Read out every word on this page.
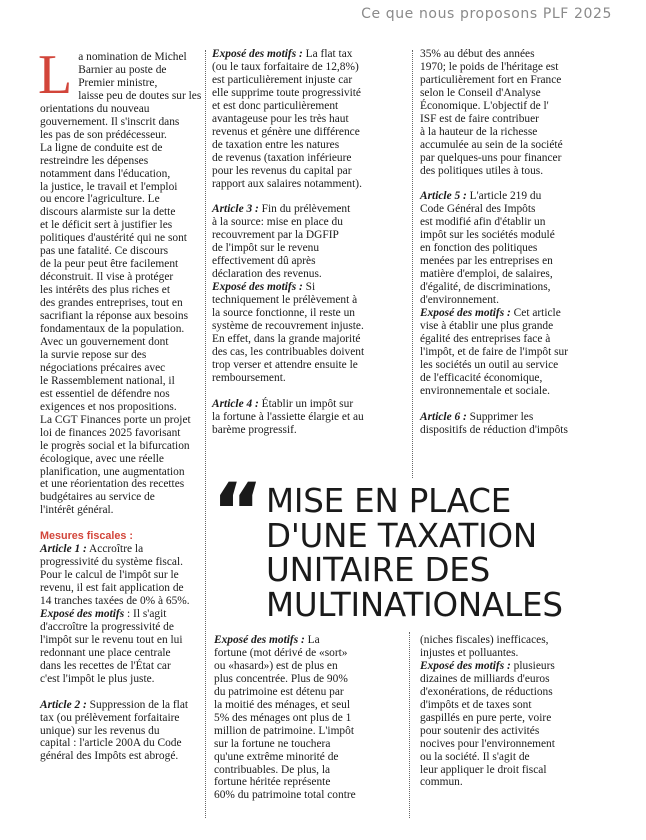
Ce que nous proposons PLF 2025
L a nomination de Michel
Barnier au poste de
Premier ministre,
laisse peu de doutes sur les
orientations du nouveau
gouvernement. Il s'inscrit dans
les pas de son prédécesseur.
La ligne de conduite est de
restreindre les dépenses
notamment dans l'éducation,
la justice, le travail et l'emploi
ou encore l'agriculture. Le
discours alarmiste sur la dette
et le déficit sert à justifier les
politiques d'austérité qui ne sont
pas une fatalité. Ce discours
de la peur peut être facilement
déconstruit. Il vise à protéger
les intérêts des plus riches et
des grandes entreprises, tout en
sacrifiant la réponse aux besoins
fondamentaux de la population.
Avec un gouvernement dont
la survie repose sur des
négociations précaires avec
le Rassemblement national, il
est essentiel de défendre nos
exigences et nos propositions.
La CGT Finances porte un projet
loi de finances 2025 favorisant
le progrès social et la bifurcation
écologique, avec une réelle
planification, une augmentation
et une réorientation des recettes
budgétaires au service de
l'intérêt général.

Mesures fiscales :

Article 1 : Accroître la

progressivité du système fiscal.
Pour le calcul de l'impôt sur le
revenu, il est fait application de
14 tranches taxées de 0% à 65%.

Exposé des motifs : Il s'agit

d'accroître la progressivité de
l'impôt sur le revenu tout en lui
redonnant une place centrale
dans les recettes de l'État car
c'est l'impôt le plus juste.

Article 2 : Suppression de la flat

tax (ou prélèvement forfaitaire
unique) sur les revenus du
capital : l'article 200A du Code
général des Impôts est abrogé.

Exposé des motifs : La flat tax

(ou le taux forfaitaire de 12,8%)
est particulièrement injuste car
elle supprime toute progressivité
et est donc particulièrement
avantageuse pour les très haut
revenus et génère une différence
de taxation entre les natures
de revenus (taxation inférieure
pour les revenus du capital par
rapport aux salaires notamment).

Article 3 : Fin du prélèvement

à la source: mise en place du
recouvrement par la DGFIP
de l'impôt sur le revenu
effectivement dû après
déclaration des revenus.

Exposé des motifs : Si

techniquement le prélèvement à
la source fonctionne, il reste un
système de recouvrement injuste.
En effet, dans la grande majorité
des cas, les contribuables doivent
trop verser et attendre ensuite le
remboursement.

Article 4 : Établir un impôt sur

la fortune à l'assiette élargie et au
barème progressif.
35% au début des années
1970; le poids de l'héritage est
particulièrement fort en France
selon le Conseil d'Analyse
Économique. L'objectif de l'
ISF est de faire contribuer
à la hauteur de la richesse
accumulée au sein de la société
par quelques-uns pour financer
des politiques utiles à tous.

Article 5 : L'article 219 du

Code Général des Impôts
est modifié afin d'établir un
impôt sur les sociétés modulé
en fonction des politiques
menées par les entreprises en
matière d'emploi, de salaires,
d'égalité, de discriminations,
d'environnement.

Exposé des motifs : Cet article

vise à établir une plus grande
égalité des entreprises face à
l'impôt, et de faire de l'impôt sur
les sociétés un outil au service
de l'efficacité économique,
environnementale et sociale.

Article 6 : Supprimer les

dispositifs de réduction d'impôts
“ MISE EN PLACE
D'UNE TAXATION
UNITAIRE DES
MULTINATIONALES

Exposé des motifs : La

fortune (mot dérivé de «sort»
ou «hasard») est de plus en
plus concentrée. Plus de 90%
du patrimoine est détenu par
la moitié des ménages, et seul
5% des ménages ont plus de 1
million de patrimoine. L'impôt
sur la fortune ne touchera
qu'une extrême minorité de
contribuables. De plus, la
fortune héritée représente
60% du patrimoine total contre
(niches fiscales) inefficaces,
injustes et polluantes.

Exposé des motifs : plusieurs

dizaines de milliards d'euros
d'exonérations, de réductions
d'impôts et de taxes sont
gaspillés en pure perte, voire
pour soutenir des activités
nocives pour l'environnement
ou la société. Il s'agit de
leur appliquer le droit fiscal
commun.
